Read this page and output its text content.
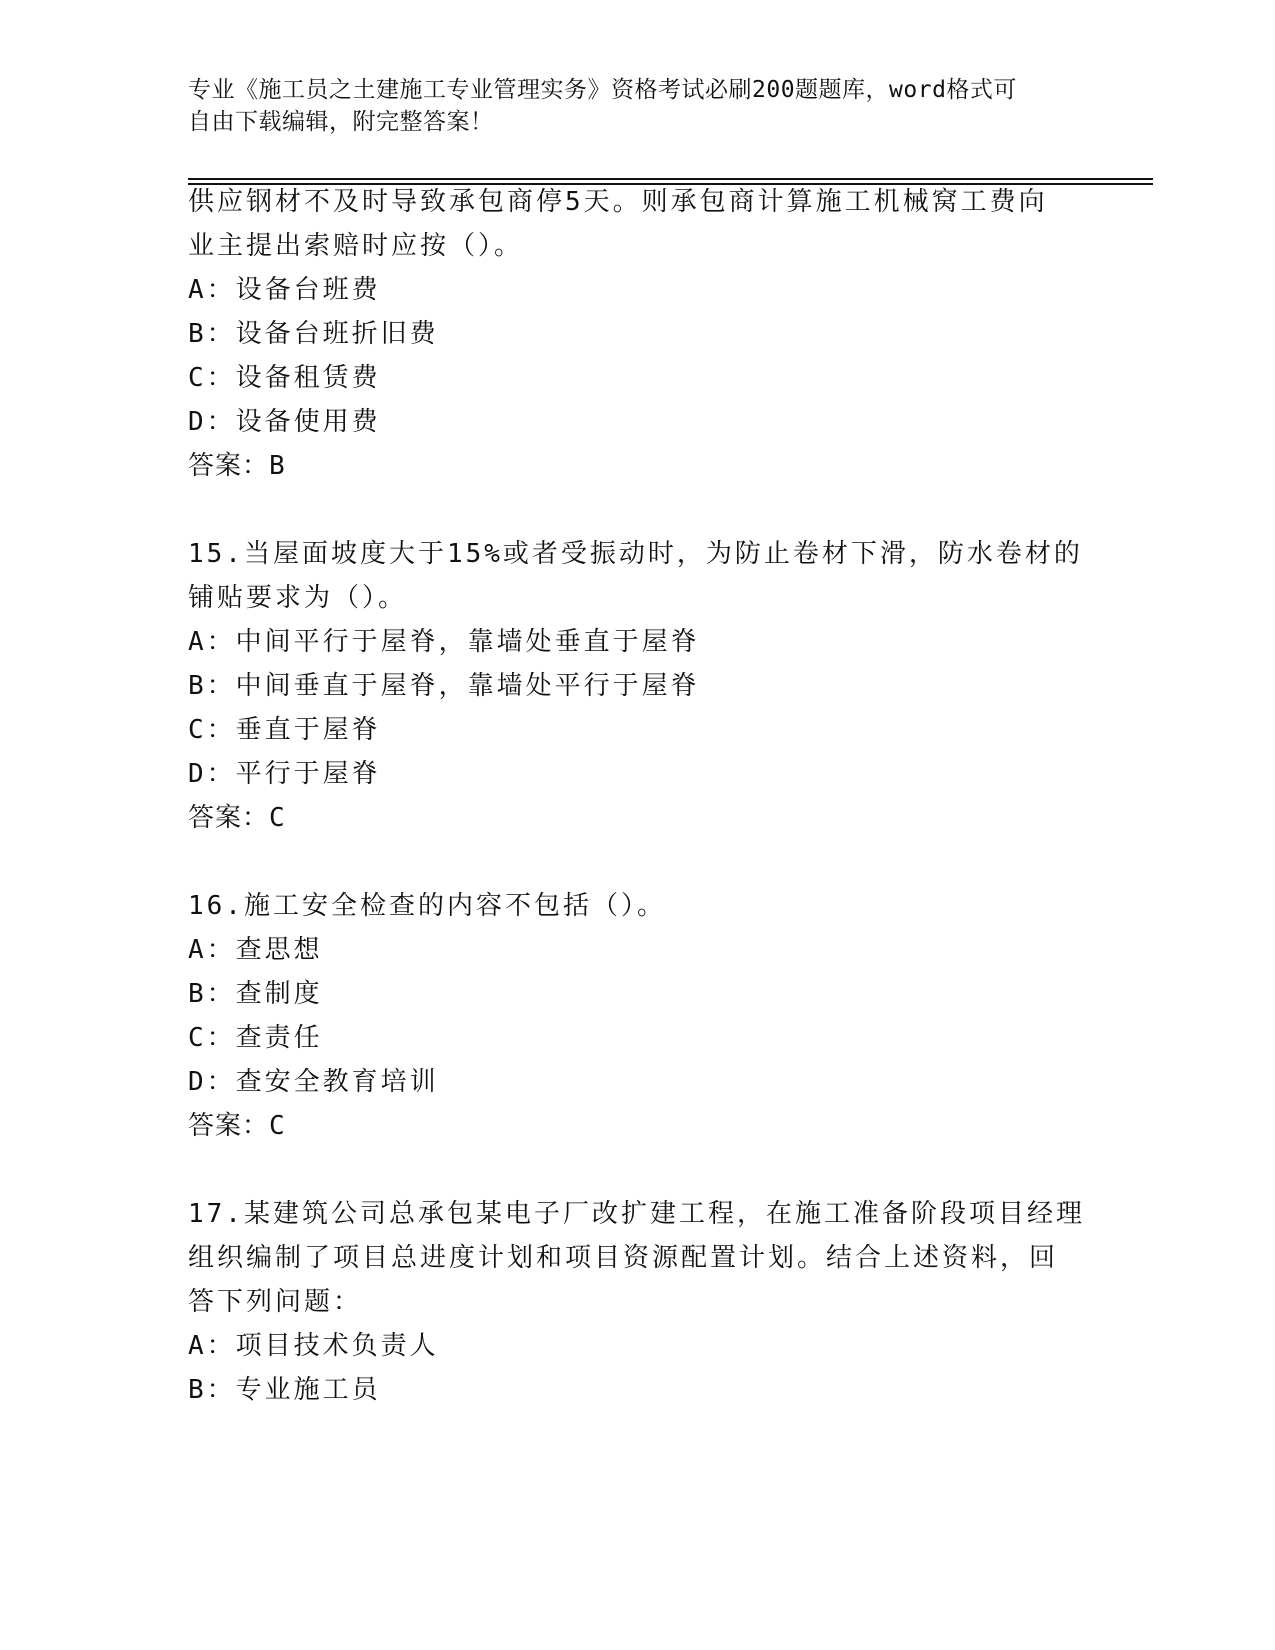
专业《施工员之土建施工专业管理实务》资格考试必刷200题题库，word格式可
自由下载编辑，附完整答案！
供应钢材不及时导致承包商停5天。则承包商计算施工机械窝工费向
业主提出索赔时应按（）。
A：设备台班费
B：设备台班折旧费
C：设备租赁费
D：设备使用费
答案：B
15.当屋面坡度大于15%或者受振动时，为防止卷材下滑，防水卷材的
铺贴要求为（）。
A：中间平行于屋脊，靠墙处垂直于屋脊
B：中间垂直于屋脊，靠墙处平行于屋脊
C：垂直于屋脊
D：平行于屋脊
答案：C
16.施工安全检查的内容不包括（）。
A：查思想
B：查制度
C：查责任
D：查安全教育培训
答案：C
17.某建筑公司总承包某电子厂改扩建工程，在施工准备阶段项目经理
组织编制了项目总进度计划和项目资源配置计划。结合上述资料，回
答下列问题：
A：项目技术负责人
B：专业施工员
